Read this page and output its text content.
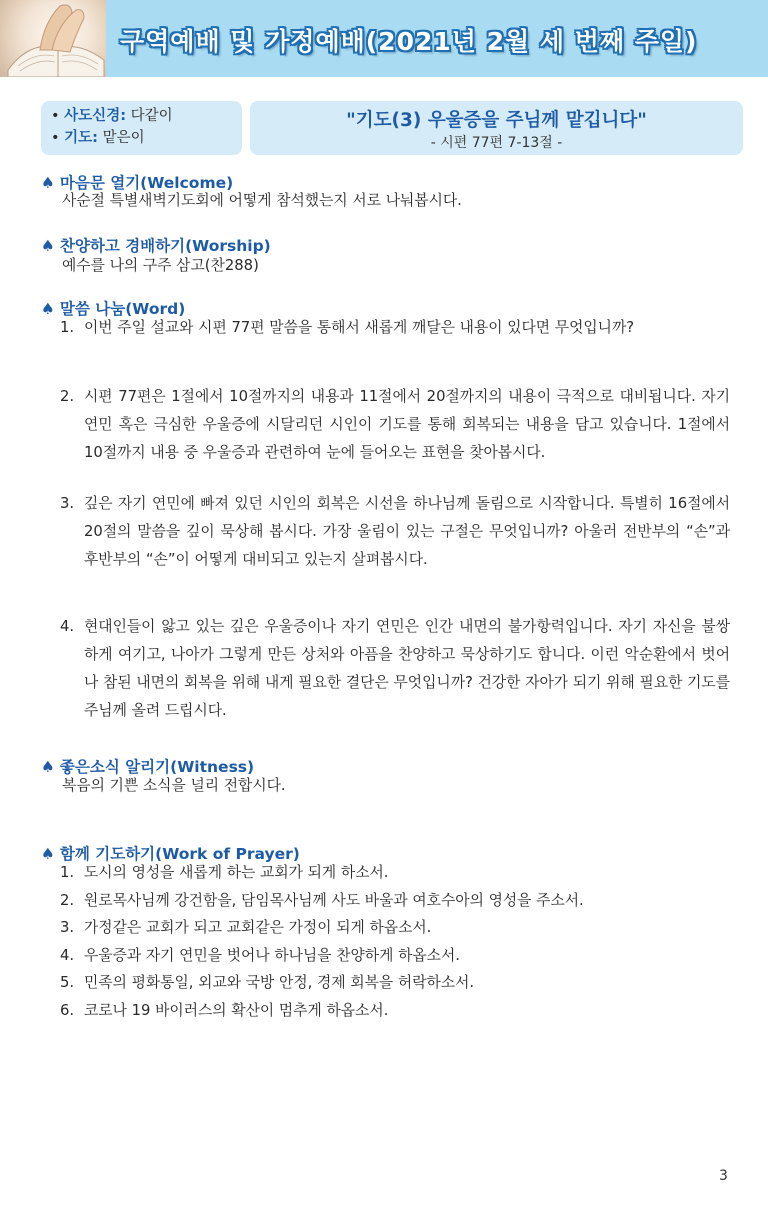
구역예배 및 가정예배(2021년 2월 세 번째 주일)
• 사도신경: 다같이
• 기도: 맡은이
"기도(3) 우울증을 주님께 맡깁니다"
- 시편 77편 7-13절 -
♠ 마음문 열기(Welcome)
사순절 특별새벽기도회에 어떻게 참석했는지 서로 나눠봅시다.
♠ 찬양하고 경배하기(Worship)
예수를 나의 구주 삼고(찬288)
♠ 말씀 나눔(Word)
1. 이번 주일 설교와 시편 77편 말씀을 통해서 새롭게 깨달은 내용이 있다면 무엇입니까?
2. 시편 77편은 1절에서 10절까지의 내용과 11절에서 20절까지의 내용이 극적으로 대비됩니다. 자기 연민 혹은 극심한 우울증에 시달리던 시인이 기도를 통해 회복되는 내용을 담고 있습니다. 1절에서 10절까지 내용 중 우울증과 관련하여 눈에 들어오는 표현을 찾아봅시다.
3. 깊은 자기 연민에 빠져 있던 시인의 회복은 시선을 하나님께 돌림으로 시작합니다. 특별히 16절에서 20절의 말씀을 깊이 묵상해 봅시다. 가장 울림이 있는 구절은 무엇입니까? 아울러 전반부의 “손”과 후반부의 “손”이 어떻게 대비되고 있는지 살펴봅시다.
4. 현대인들이 앓고 있는 깊은 우울증이나 자기 연민은 인간 내면의 불가항력입니다. 자기 자신을 불쌍하게 여기고, 나아가 그렇게 만든 상처와 아픔을 찬양하고 묵상하기도 합니다. 이런 악순환에서 벗어나 참된 내면의 회복을 위해 내게 필요한 결단은 무엇입니까? 건강한 자아가 되기 위해 필요한 기도를 주님께 올려 드립시다.
♠ 좋은소식 알리기(Witness)
복음의 기쁜 소식을 널리 전합시다.
♠ 함께 기도하기(Work of Prayer)
1. 도시의 영성을 새롭게 하는 교회가 되게 하소서.
2. 원로목사님께 강건함을, 담임목사님께 사도 바울과 여호수아의 영성을 주소서.
3. 가정같은 교회가 되고 교회같은 가정이 되게 하옵소서.
4. 우울증과 자기 연민을 벗어나 하나님을 찬양하게 하옵소서.
5. 민족의 평화통일, 외교와 국방 안정, 경제 회복을 허락하소서.
6. 코로나 19 바이러스의 확산이 멈추게 하옵소서.
3
